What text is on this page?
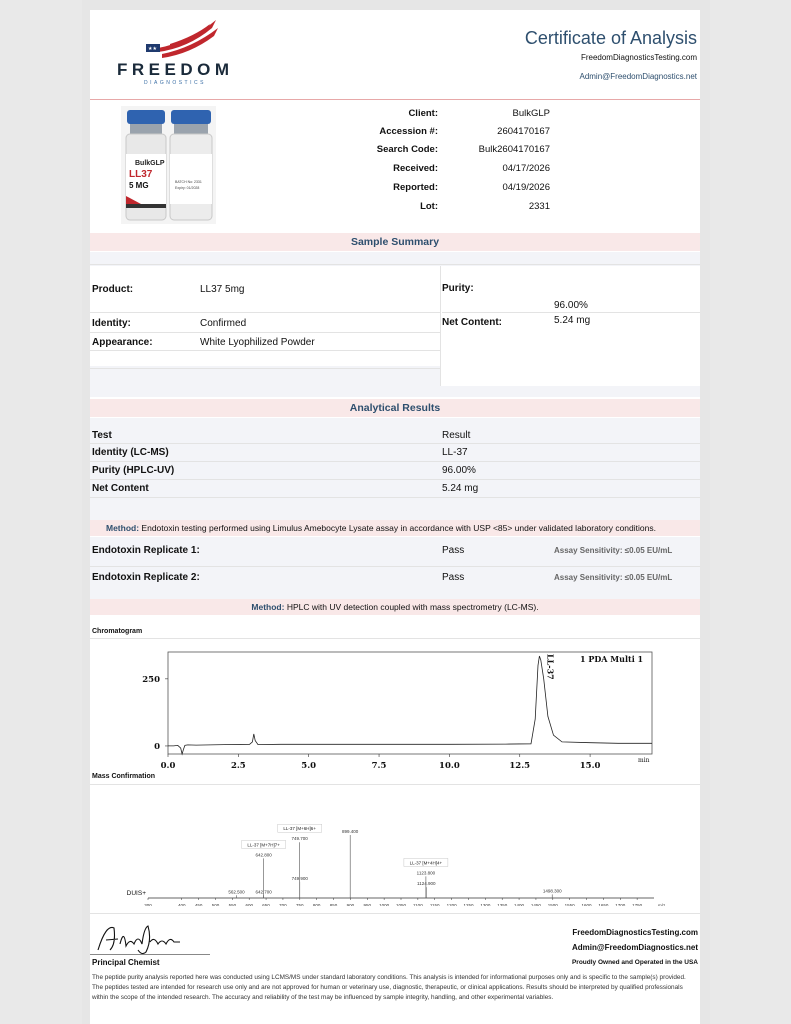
★★
FREEDOM
DIAGNOSTICS
Certificate of Analysis
FreedomDiagnosticsTesting.com
Admin@FreedomDiagnostics.net
BulkGLP
LL37
5 MG	BATCH No: 2331
Expiry: 01/2028
Client:	BulkGLP
Accession #:	2604170167
Search Code:	Bulk2604170167
Received:	04/17/2026
Reported:	04/19/2026
Lot:	2331
Sample Summary
Product:	LL37 5mg
Identity:	Confirmed
Appearance:	White Lyophilized Powder
Purity:
96.00%
Net Content:	5.24 mg
Analytical Results
Test	Result
Identity (LC-MS)	LL-37
Purity (HPLC-UV)	96.00%
Net Content	5.24 mg
Method: Endotoxin testing performed using Limulus Amebocyte Lysate assay in accordance with USP <85> under validated laboratory conditions.
Endotoxin Replicate 1:	Pass	Assay Sensitivity: ≤0.05 EU/mL
Endotoxin Replicate 2:	Pass	Assay Sensitivity: ≤0.05 EU/mL
Method: HPLC with UV detection coupled with mass spectrometry (LC-MS).
Chromatogram
0.0	2.5	5.0	7.5	10.0	12.5	15.0
min
0
250
1 PDA Multi 1
LL-37
Mass Confirmation
DUIS+
300	400 450 500 550 600 650 700 750 800 850 900 950 1000 1050 1100 1150 1200 1250 1300 1350 1400 1450 1500 1550 1600 1650 1700 1750	m/z
562.500
642.800
642.700
749.700
749.900
899.400
1123.800
1124.900
1498.300
LL-37 [M+6H]6+
LL-37 [M+7H]7+
LL-37 [M+4H]4+
Principal Chemist
FreedomDiagnosticsTesting.com
Admin@FreedomDiagnostics.net
Proudly Owned and Operated in the USA
The peptide purity analysis reported here was conducted using LCMS/MS under standard laboratory conditions. This analysis is intended for informational purposes only and is specific to the sample(s) provided. The peptides tested are intended for research use only and are not approved for human or veterinary use, diagnostic, therapeutic, or clinical applications. Results should be interpreted by qualified professionals within the scope of the intended research. The accuracy and reliability of the test may be influenced by sample integrity, handling, and other experimental variables.
